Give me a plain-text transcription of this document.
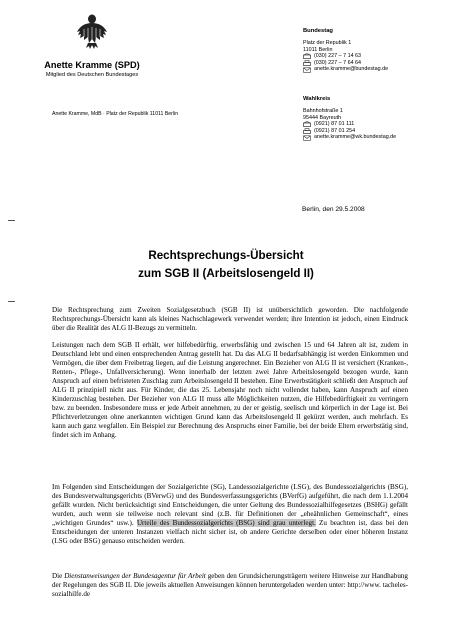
Anette Kramme (SPD)
Mitglied des Deutschen Bundestages
Anette Kramme, MdB · Platz der Republik 11011 Berlin
Bundestag
Platz der Republik 1
11011 Berlin
(030) 227 – 7 14 63
(030) 227 – 7 64 64
anette.kramme@bundestag.de
Wahlkreis
Bahnhofstraße 1
95444 Bayreuth
(0921) 87 01 111
(0921) 87 01 254
anette.kramme@wk.bundestag.de
Berlin, den 29.5.2008
Rechtsprechungs-Übersicht
zum SGB II (Arbeitslosengeld II)
Die Rechtsprechung zum Zweiten Sozialgesetzbuch (SGB II) ist unübersichtlich geworden. Die nachfolgende Rechtsprechungs-Übersicht kann als kleines Nachschlagewerk verwendet werden; ihre Intention ist jedoch, einen Eindruck über die Realität des ALG II-Bezugs zu vermitteln.
Leistungen nach dem SGB II erhält, wer hilfebedürftig, erwerbsfähig und zwischen 15 und 64 Jahren alt ist, zudem in Deutschland lebt und einen entsprechenden Antrag gestellt hat. Da das ALG II bedarfsabhängig ist werden Einkommen und Vermögen, die über dem Freibetrag liegen, auf die Leistung angerechnet. Ein Bezieher von ALG II ist versichert (Kranken-, Renten-, Pflege-, Unfallversicherung). Wenn innerhalb der letzten zwei Jahre Arbeitslosengeld bezogen wurde, kann Anspruch auf einen befristeten Zuschlag zum Arbeitslosengeld II bestehen. Eine Erwerbstätigkeit schließt den Anspruch auf ALG II prinzipiell nicht aus. Für Kinder, die das 25. Lebensjahr noch nicht vollendet haben, kann Anspruch auf einen Kinderzuschlag bestehen. Der Bezieher von ALG II muss alle Möglichkeiten nutzen, die Hilfebedürftigkeit zu verringern bzw. zu beenden. Insbesondere muss er jede Arbeit annehmen, zu der er geistig, seelisch und körperlich in der Lage ist. Bei Pflichtverletzungen ohne anerkannten wichtigen Grund kann das Arbeitslosengeld II gekürzt werden, auch mehrfach. Es kann auch ganz wegfallen. Ein Beispiel zur Berechnung des Anspruchs einer Familie, bei der beide Eltern erwerbstätig sind, findet sich im Anhang.
Im Folgenden sind Entscheidungen der Sozialgerichte (SG), Landessozialgerichte (LSG), des Bundessozialgerichts (BSG), des Bundesverwaltungsgerichts (BVerwG) und des Bundesverfassungsgerichts (BVerfG) aufgeführt, die nach dem 1.1.2004 gefällt wurden. Nicht berücksichtigt sind Entscheidungen, die unter Geltung des Bundessozialhilfegesetzes (BSHG) gefällt wurden, auch wenn sie teilweise noch relevant sind (z.B. für Definitionen der „eheähnlichen Gemeinschaft“, eines „wichtigen Grundes“ usw.). Urteile des Bundessozialgerichts (BSG) sind grau unterlegt. Zu beachten ist, dass bei den Entscheidungen der unteren Instanzen vielfach nicht sicher ist, ob andere Gerichte derselben oder einer höheren Instanz (LSG oder BSG) genauso entscheiden werden.
Die Dienstanweisungen der Bundesagentur für Arbeit geben den Grundsicherungsträgern weitere Hinweise zur Handhabung der Regelungen des SGB II. Die jeweils aktuellen Anweisungen können heruntergeladen werden unter: http://www. tacheles-sozialhilfe.de
